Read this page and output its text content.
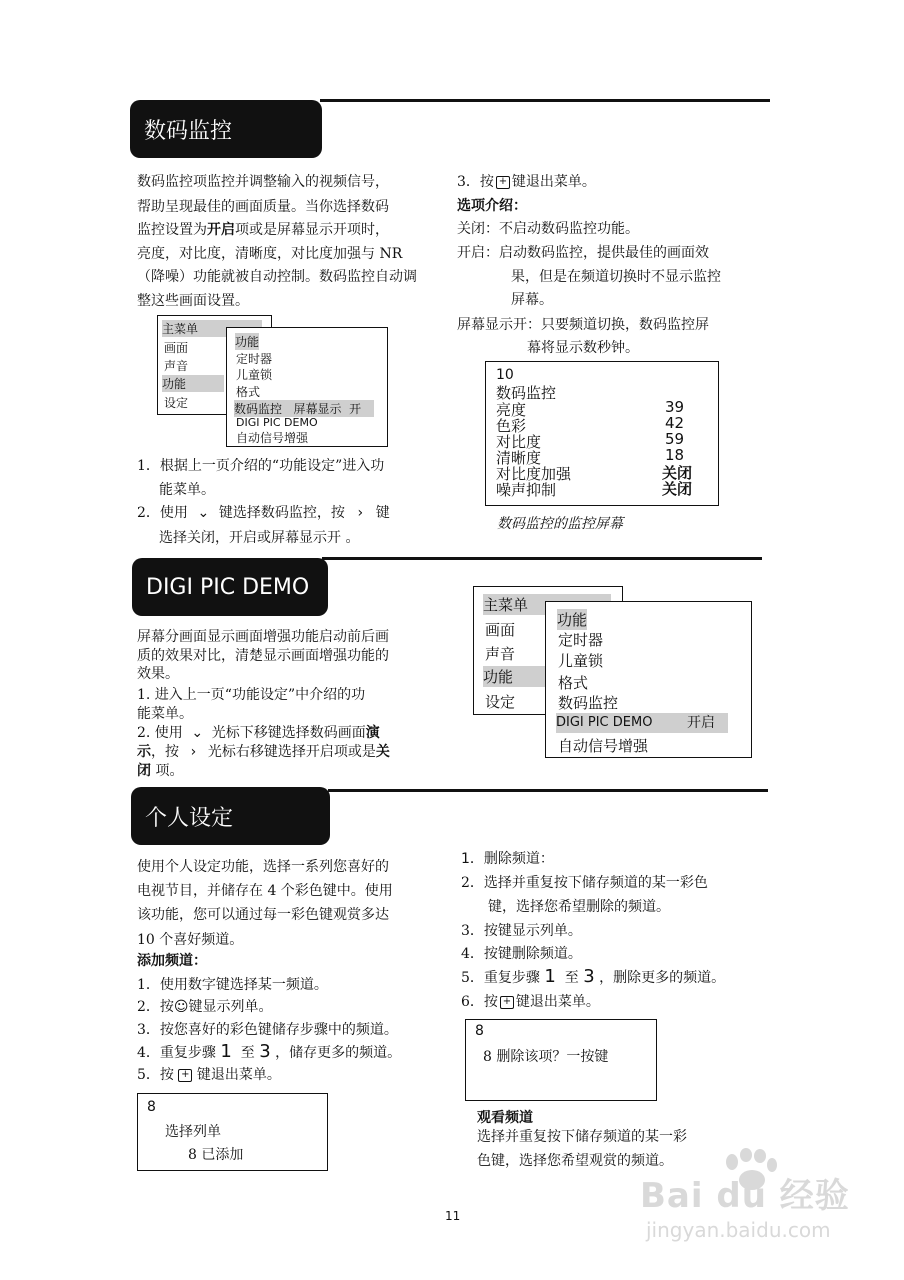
数码监控
数码监控项监控并调整输入的视频信号，
帮助呈现最佳的画面质量。当你选择数码
监控设置为开启项或是屏幕显示开项时，
亮度，对比度，清晰度，对比度加强与 NR
（降噪）功能就被自动控制。数码监控自动调
整这些画面设置。
主菜单
画面
声音
功能
设定
功能
定时器
儿童锁
格式
数码监控 屏幕显示 开
DIGI PIC DEMO
自动信号增强
1．根据上一页介绍的“功能设定”进入功
能菜单。
2．使用 ⌄ 键选择数码监控，按 › 键
选择关闭，开启或屏幕显示开 。
3．按 + 键退出菜单。
选项介绍：
关闭：不启动数码监控功能。
开启：启动数码监控，提供最佳的画面效
果，但是在频道切换时不显示监控
屏幕。
屏幕显示开：只要频道切换，数码监控屏
幕将显示数秒钟。
10
数码监控
亮度	39
色彩	42
对比度	59
清晰度	18
对比度加强	关闭
噪声抑制	关闭
数码监控的监控屏幕
DIGI PIC DEMO
屏幕分画面显示画面增强功能启动前后画
质的效果对比，清楚显示画面增强功能的
效果。
1. 进入上一页“功能设定”中介绍的功
能菜单。
2. 使用 ⌄ 光标下移键选择数码画面演
示，按 › 光标右移键选择开启项或是关
闭 项。
主菜单
画面
声音
功能
设定
功能
定时器
儿童锁
格式
数码监控
DIGI PIC DEMO 开启
自动信号增强
个人设定
使用个人设定功能，选择一系列您喜好的
电视节目，并储存在 4 个彩色键中。使用
该功能，您可以通过每一彩色键观赏多达
10 个喜好频道。
添加频道：
1．使用数字键选择某一频道。
2．按☺键显示列单。
3．按您喜好的彩色键储存步骤中的频道。
4．重复步骤 1 至 3 ，储存更多的频道。
5．按 + 键退出菜单。
8
选择列单
8 已添加
1．删除频道：
2．选择并重复按下储存频道的某一彩色
键，选择您希望删除的频道。
3．按键显示列单。
4．按键删除频道。
5．重复步骤 1 至 3 ，删除更多的频道。
6．按 + 键退出菜单。
8
8 删除该项？一按键
观看频道
选择并重复按下储存频道的某一彩
色键，选择您希望观赏的频道。
11	Bai du 经验
jingyan.baidu.com
